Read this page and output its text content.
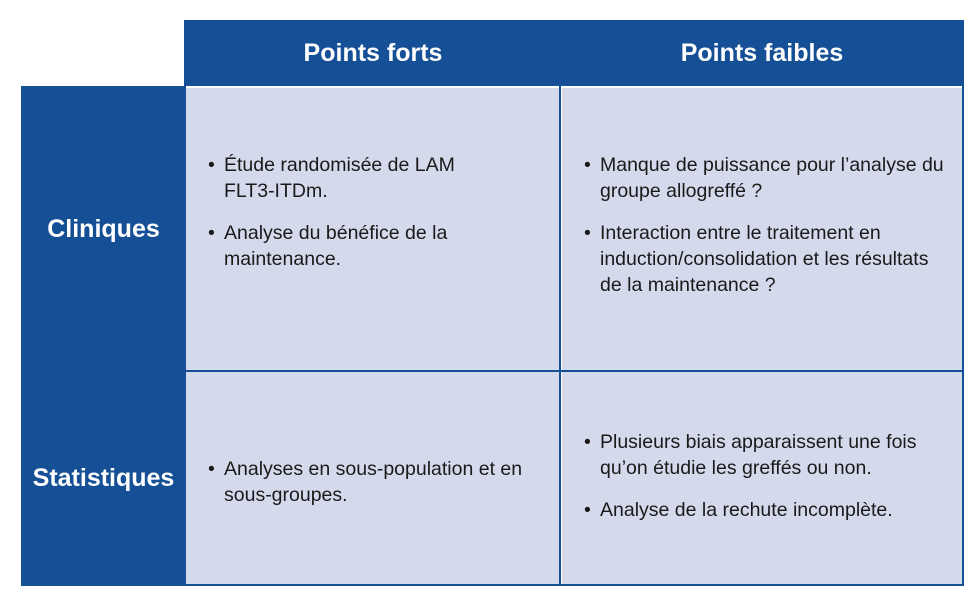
Points forts	Points faibles
Cliniques
Statistiques
• Étude randomisée de LAM FLT3-ITDm.
• Analyse du bénéfice de la maintenance.
• Manque de puissance pour l’analyse du groupe allogreffé ?
• Interaction entre le traitement en induction/consolidation et les résultats de la maintenance ?
• Analyses en sous-population et en sous-groupes.
• Plusieurs biais apparaissent une fois qu’on étudie les greffés ou non.
• Analyse de la rechute incomplète.
